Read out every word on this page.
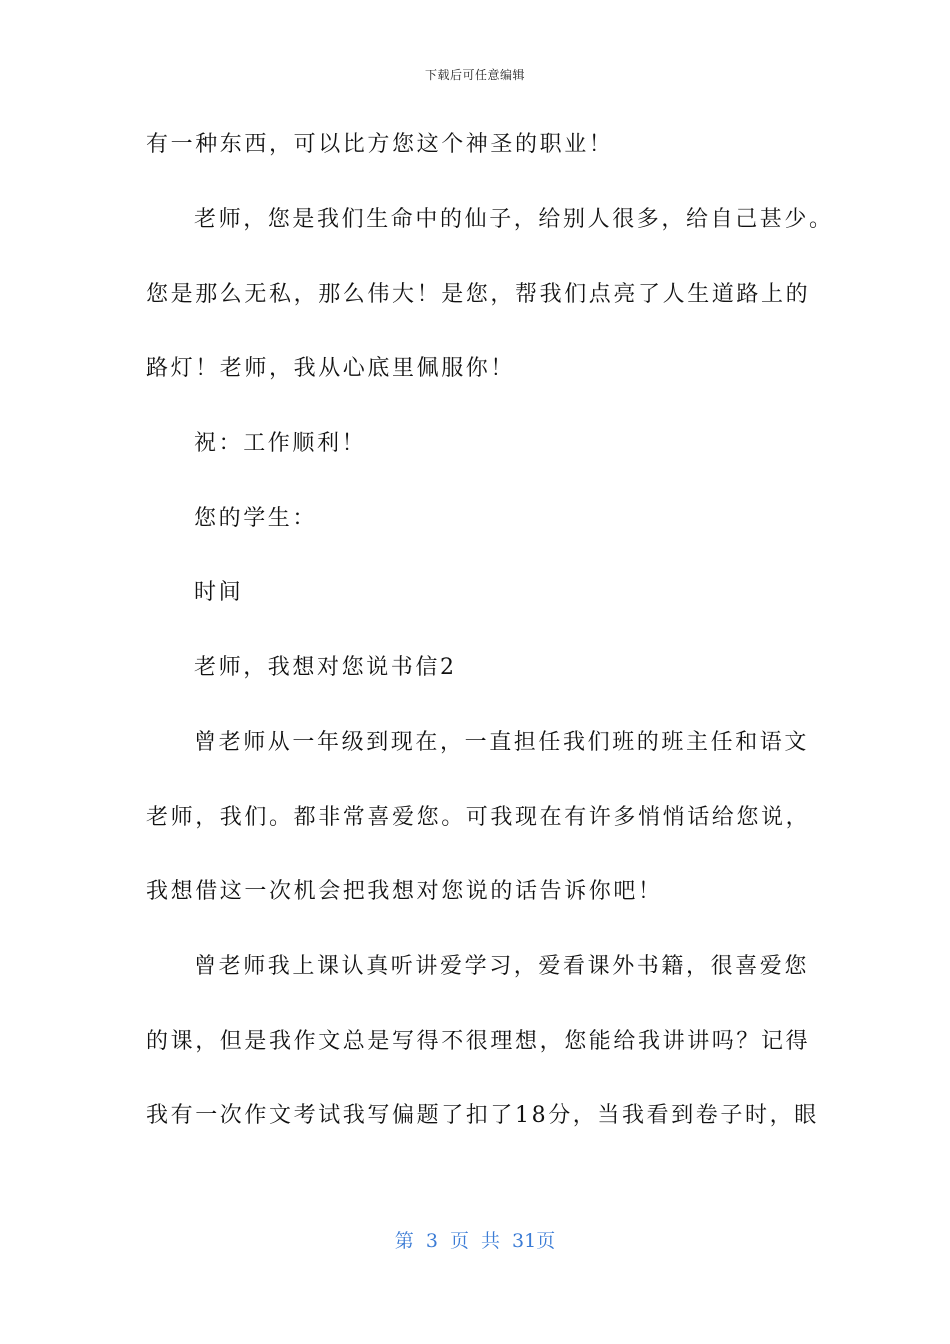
下载后可任意编辑
有一种东西，可以比方您这个神圣的职业！
老师，您是我们生命中的仙子，给别人很多，给自己甚少。
您是那么无私，那么伟大！是您，帮我们点亮了人生道路上的
路灯！老师，我从心底里佩服你！
祝：工作顺利！
您的学生：
时间
老师，我想对您说书信2
曾老师从一年级到现在，一直担任我们班的班主任和语文
老师，我们。都非常喜爱您。可我现在有许多悄悄话给您说，
我想借这一次机会把我想对您说的话告诉你吧！
曾老师我上课认真听讲爱学习，爱看课外书籍，很喜爱您
的课，但是我作文总是写得不很理想，您能给我讲讲吗？记得
我有一次作文考试我写偏题了扣了18分，当我看到卷子时，眼
第 3 页 共 31页
